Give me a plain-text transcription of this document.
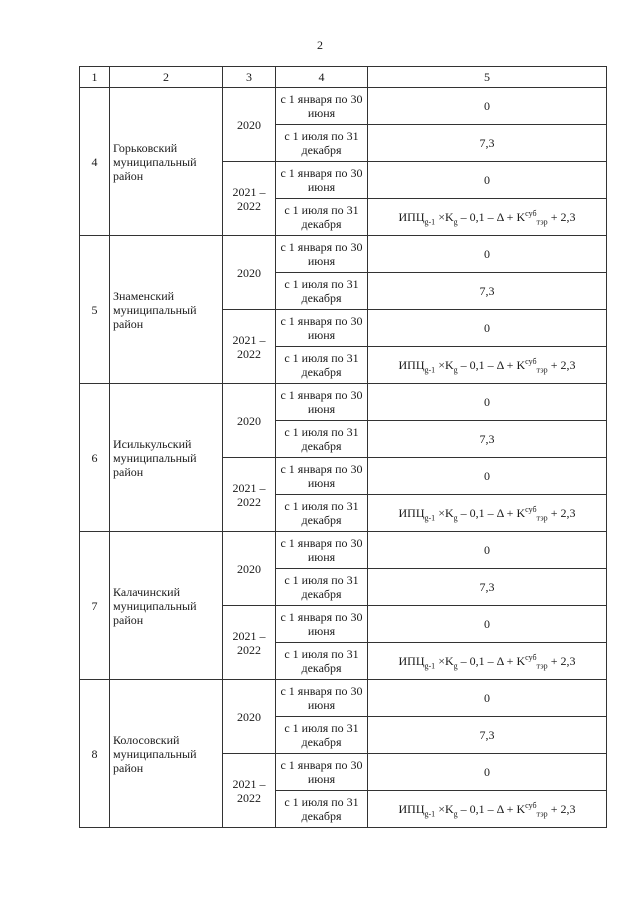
2
1	2	3	4	5
4	Горьковский муниципальный район	2020	с 1 января по 30 июня	0
			с 1 июля по 31 декабря	7,3
		2021 – 2022	с 1 января по 30 июня	0
			с 1 июля по 31 декабря	$ИПЦ_{g-1} \times K_g - 0,1 - \Delta + K^{суб}_{тэр} + 2,3$
5	Знаменский муниципальный район	2020	с 1 января по 30 июня	0
			с 1 июля по 31 декабря	7,3
		2021 – 2022	с 1 января по 30 июня	0
			с 1 июля по 31 декабря	$ИПЦ_{g-1} \times K_g - 0,1 - \Delta + K^{суб}_{тэр} + 2,3$
6	Исилькульский муниципальный район	2020	с 1 января по 30 июня	0
			с 1 июля по 31 декабря	7,3
		2021 – 2022	с 1 января по 30 июня	0
			с 1 июля по 31 декабря	$ИПЦ_{g-1} \times K_g - 0,1 - \Delta + K^{суб}_{тэр} + 2,3$
7	Калачинский муниципальный район	2020	с 1 января по 30 июня	0
			с 1 июля по 31 декабря	7,3
		2021 – 2022	с 1 января по 30 июня	0
			с 1 июля по 31 декабря	$ИПЦ_{g-1} \times K_g - 0,1 - \Delta + K^{суб}_{тэр} + 2,3$
8	Колосовский муниципальный район	2020	с 1 января по 30 июня	0
			с 1 июля по 31 декабря	7,3
		2021 – 2022	с 1 января по 30 июня	0
			с 1 июля по 31 декабря	$ИПЦ_{g-1} \times K_g - 0,1 - \Delta + K^{суб}_{тэр} + 2,3$
